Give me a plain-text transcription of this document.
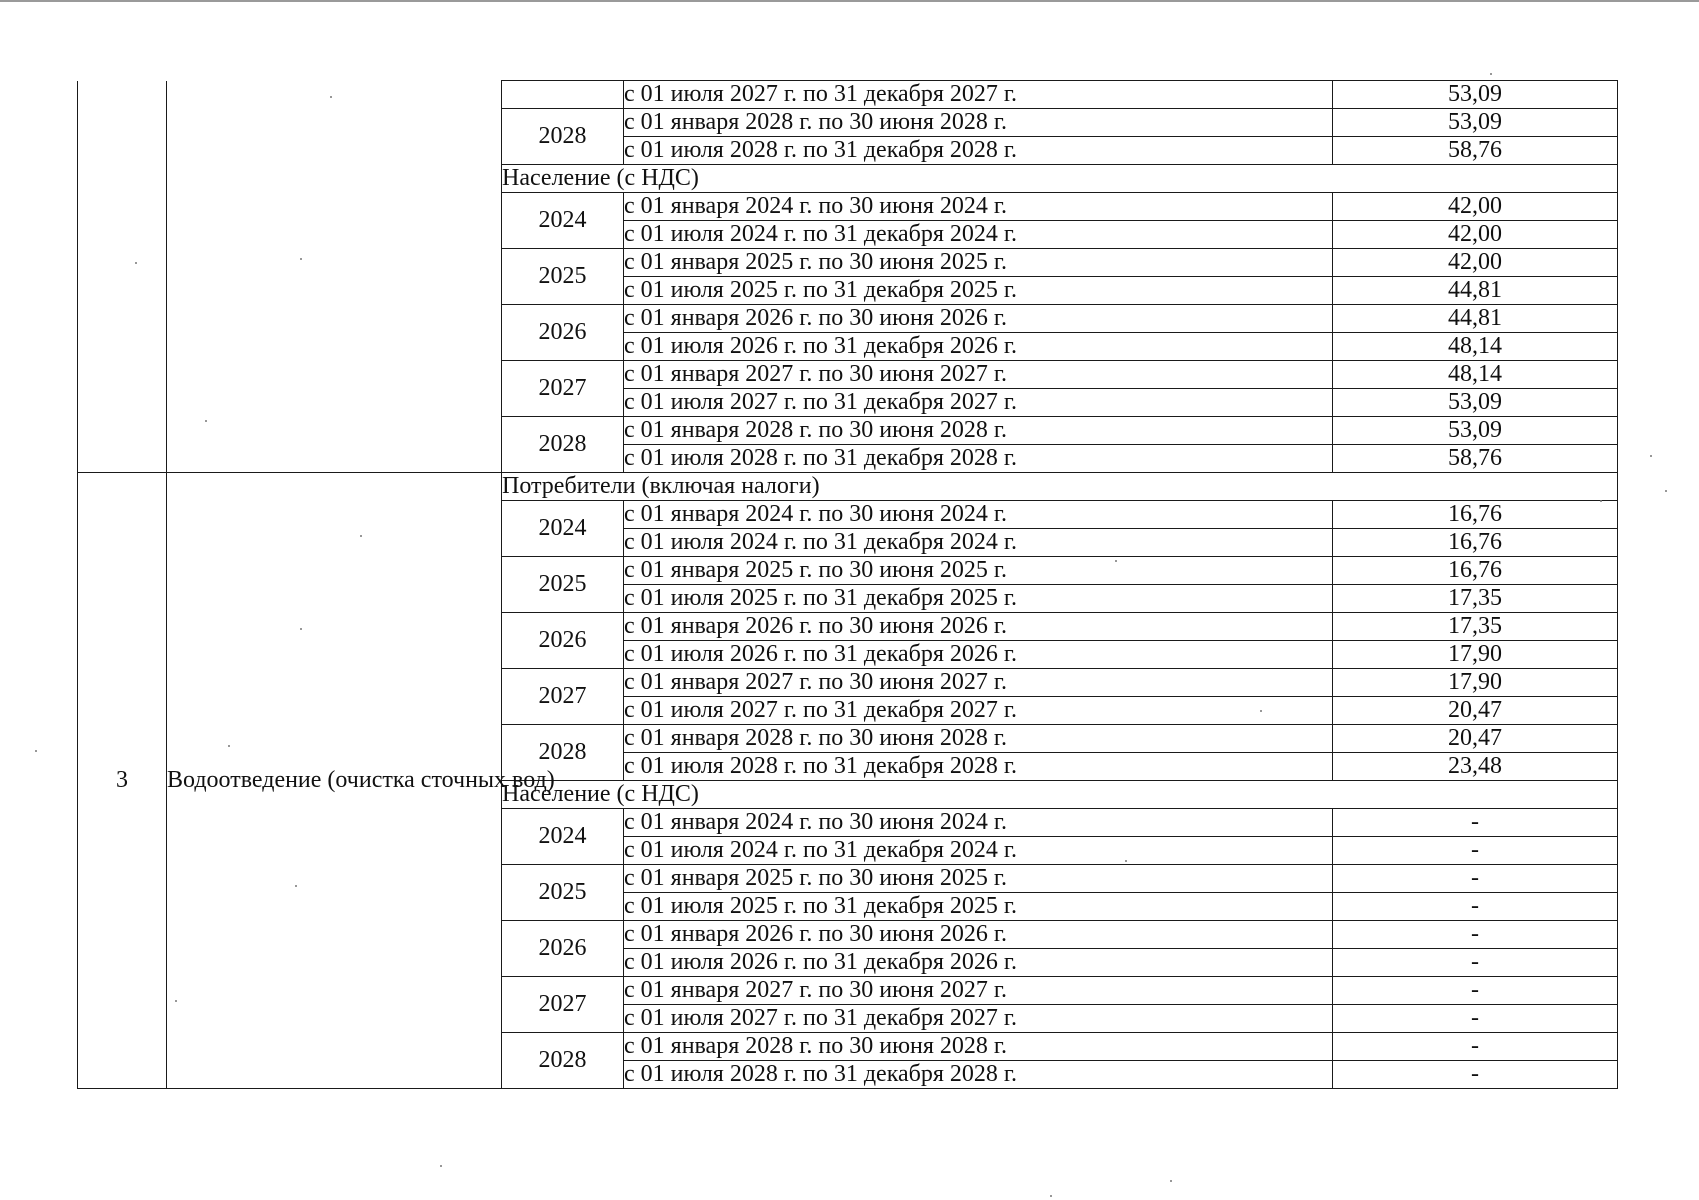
			с 01 июля 2027 г. по 31 декабря 2027 г.	53,09
		2028	с 01 января 2028 г. по 30 июня 2028 г.	53,09
			с 01 июля 2028 г. по 31 декабря 2028 г.	58,76
		Население (с НДС)		
		2024	с 01 января 2024 г. по 30 июня 2024 г.	42,00
			с 01 июля 2024 г. по 31 декабря 2024 г.	42,00
		2025	с 01 января 2025 г. по 30 июня 2025 г.	42,00
			с 01 июля 2025 г. по 31 декабря 2025 г.	44,81
		2026	с 01 января 2026 г. по 30 июня 2026 г.	44,81
			с 01 июля 2026 г. по 31 декабря 2026 г.	48,14
		2027	с 01 января 2027 г. по 30 июня 2027 г.	48,14
			с 01 июля 2027 г. по 31 декабря 2027 г.	53,09
		2028	с 01 января 2028 г. по 30 июня 2028 г.	53,09
			с 01 июля 2028 г. по 31 декабря 2028 г.	58,76
3	Водоотведение (очистка сточных вод)	Потребители (включая налоги)		
		2024	с 01 января 2024 г. по 30 июня 2024 г.	16,76
			с 01 июля 2024 г. по 31 декабря 2024 г.	16,76
		2025	с 01 января 2025 г. по 30 июня 2025 г.	16,76
			с 01 июля 2025 г. по 31 декабря 2025 г.	17,35
		2026	с 01 января 2026 г. по 30 июня 2026 г.	17,35
			с 01 июля 2026 г. по 31 декабря 2026 г.	17,90
		2027	с 01 января 2027 г. по 30 июня 2027 г.	17,90
			с 01 июля 2027 г. по 31 декабря 2027 г.	20,47
		2028	с 01 января 2028 г. по 30 июня 2028 г.	20,47
			с 01 июля 2028 г. по 31 декабря 2028 г.	23,48
		Население (с НДС)		
		2024	с 01 января 2024 г. по 30 июня 2024 г.	-
			с 01 июля 2024 г. по 31 декабря 2024 г.	-
		2025	с 01 января 2025 г. по 30 июня 2025 г.	-
			с 01 июля 2025 г. по 31 декабря 2025 г.	-
		2026	с 01 января 2026 г. по 30 июня 2026 г.	-
			с 01 июля 2026 г. по 31 декабря 2026 г.	-
		2027	с 01 января 2027 г. по 30 июня 2027 г.	-
			с 01 июля 2027 г. по 31 декабря 2027 г.	-
		2028	с 01 января 2028 г. по 30 июня 2028 г.	-
			с 01 июля 2028 г. по 31 декабря 2028 г.	-
